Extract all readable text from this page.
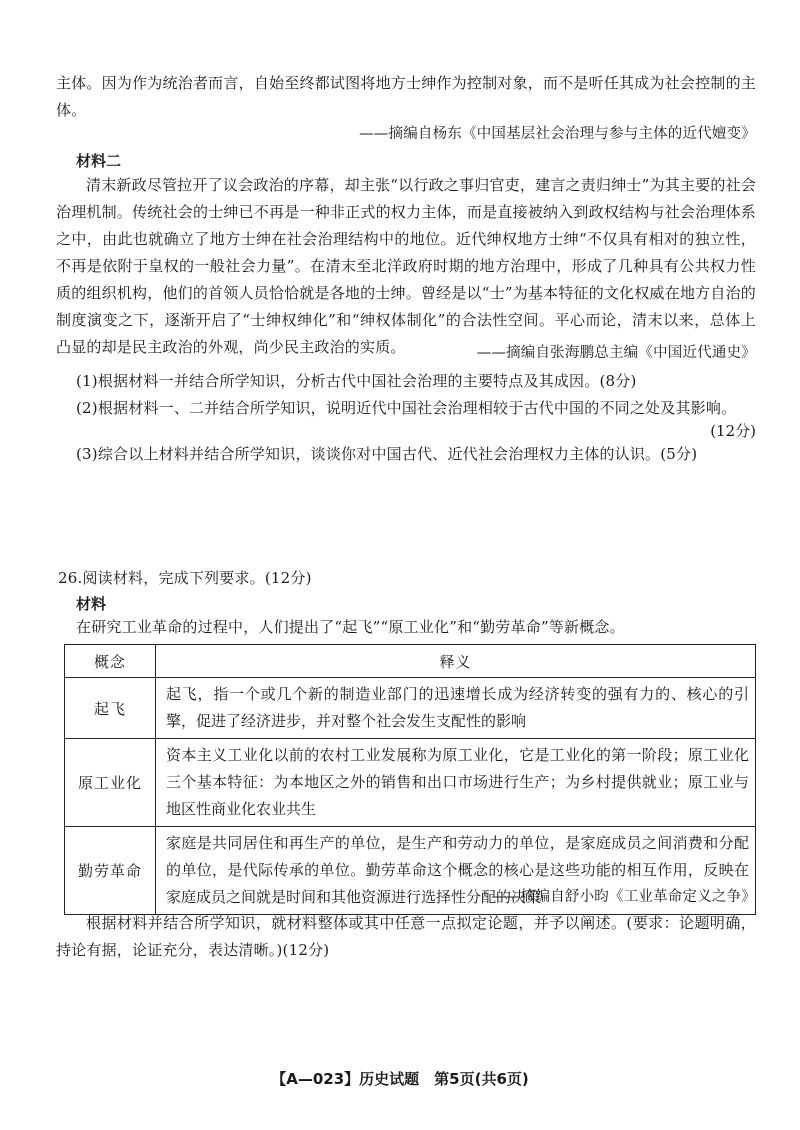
主体。因为作为统治者而言，自始至终都试图将地方士绅作为控制对象，而不是听任其成为社会控制的主体。
——摘编自杨东《中国基层社会治理与参与主体的近代嬗变》
材料二
清末新政尽管拉开了议会政治的序幕，却主张“以行政之事归官吏，建言之责归绅士”为其主要的社会治理机制。传统社会的士绅已不再是一种非正式的权力主体，而是直接被纳入到政权结构与社会治理体系之中，由此也就确立了地方士绅在社会治理结构中的地位。近代绅权地方士绅“不仅具有相对的独立性，不再是依附于皇权的一般社会力量”。在清末至北洋政府时期的地方治理中，形成了几种具有公共权力性质的组织机构，他们的首领人员恰恰就是各地的士绅。曾经是以“士”为基本特征的文化权威在地方自治的制度演变之下，逐渐开启了“士绅权绅化”和“绅权体制化”的合法性空间。平心而论，清末以来，总体上凸显的却是民主政治的外观，尚少民主政治的实质。	——摘编自张海鹏总主编《中国近代通史》
(1)根据材料一并结合所学知识，分析古代中国社会治理的主要特点及其成因。(8分)
(2)根据材料一、二并结合所学知识，说明近代中国社会治理相较于古代中国的不同之处及其影响。
(12分)
(3)综合以上材料并结合所学知识，谈谈你对中国古代、近代社会治理权力主体的认识。(5分)
26.阅读材料，完成下列要求。(12分)
材料
在研究工业革命的过程中，人们提出了“起飞”“原工业化”和“勤劳革命”等新概念。
概念	释义
起飞	起飞，指一个或几个新的制造业部门的迅速增长成为经济转变的强有力的、核心的引擎，促进了经济进步，并对整个社会发生支配性的影响
原工业化	资本主义工业化以前的农村工业发展称为原工业化，它是工业化的第一阶段；原工业化三个基本特征：为本地区之外的销售和出口市场进行生产；为乡村提供就业；原工业与地区性商业化农业共生
勤劳革命	家庭是共同居住和再生产的单位，是生产和劳动力的单位，是家庭成员之间消费和分配的单位，是代际传承的单位。勤劳革命这个概念的核心是这些功能的相互作用，反映在家庭成员之间就是时间和其他资源进行选择性分配的决策
——摘编自舒小昀《工业革命定义之争》
根据材料并结合所学知识，就材料整体或其中任意一点拟定论题，并予以阐述。(要求：论题明确，持论有据，论证充分，表达清晰。)(12分)
【A—023】历史试题　第5页(共6页)
